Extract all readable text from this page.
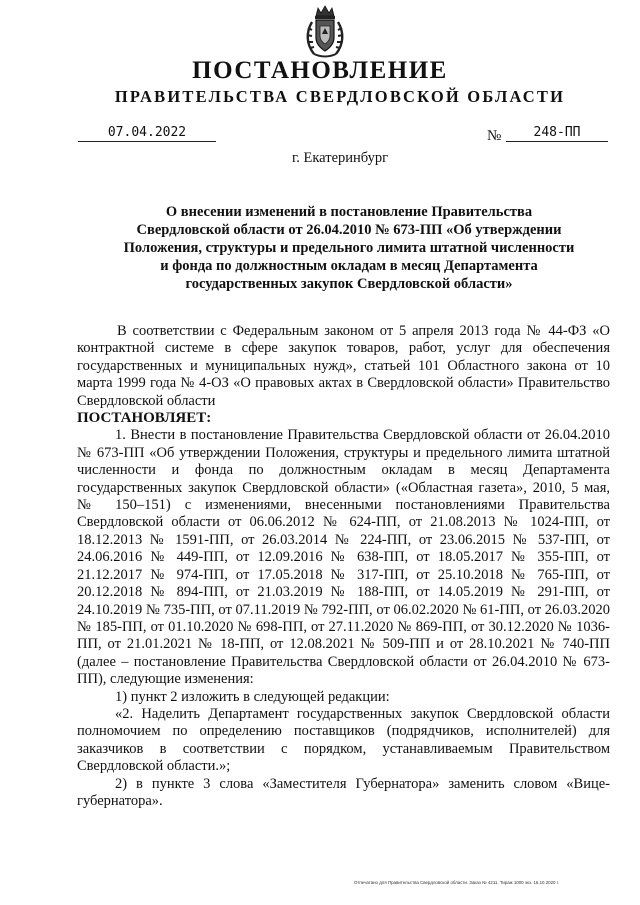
ПОСТАНОВЛЕНИЕ
ПРАВИТЕЛЬСТВА СВЕРДЛОВСКОЙ ОБЛАСТИ
07.04.2022	№	248-ПП
г. Екатеринбург
О внесении изменений в постановление Правительства Свердловской области от 26.04.2010 № 673-ПП «Об утверждении Положения, структуры и предельного лимита штатной численности и фонда по должностным окладам в месяц Департамента государственных закупок Свердловской области»

В соответствии с Федеральным законом от 5 апреля 2013 года № 44-ФЗ «О контрактной системе в сфере закупок товаров, работ, услуг для обеспечения государственных и муниципальных нужд», статьей 101 Областного закона от 10 марта 1999 года № 4-ОЗ «О правовых актах в Свердловской области» Правительство Свердловской области

ПОСТАНОВЛЯЕТ:

1. Внести в постановление Правительства Свердловской области от 26.04.2010 № 673-ПП «Об утверждении Положения, структуры и предельного лимита штатной численности и фонда по должностным окладам в месяц Департамента государственных закупок Свердловской области» («Областная газета», 2010, 5 мая, № 150–151) с изменениями, внесенными постановлениями Правительства Свердловской области от 06.06.2012 № 624-ПП, от 21.08.2013 № 1024-ПП, от 18.12.2013 № 1591-ПП, от 26.03.2014 № 224-ПП, от 23.06.2015 № 537-ПП, от 24.06.2016 № 449-ПП, от 12.09.2016 № 638-ПП, от 18.05.2017 № 355-ПП, от 21.12.2017 № 974-ПП, от 17.05.2018 № 317-ПП, от 25.10.2018 № 765-ПП, от 20.12.2018 № 894-ПП, от 21.03.2019 № 188-ПП, от 14.05.2019 № 291-ПП, от 24.10.2019 № 735-ПП, от 07.11.2019 № 792-ПП, от 06.02.2020 № 61-ПП, от 26.03.2020 № 185-ПП, от 01.10.2020 № 698-ПП, от 27.11.2020 № 869-ПП, от 30.12.2020 № 1036-ПП, от 21.01.2021 № 18-ПП, от 12.08.2021 № 509-ПП и от 28.10.2021 № 740-ПП (далее – постановление Правительства Свердловской области от 26.04.2010 № 673-ПП), следующие изменения:

1) пункт 2 изложить в следующей редакции:

«2. Наделить Департамент государственных закупок Свердловской области полномочием по определению поставщиков (подрядчиков, исполнителей) для заказчиков в соответствии с порядком, устанавливаемым Правительством Свердловской области.»;

2) в пункте 3 слова «Заместителя Губернатора» заменить словом «Вице-губернатора».

Отпечатано для Правительства Свердловской области. Заказ № 4211. Тираж 1000 экз. 16.10.2020 г.
